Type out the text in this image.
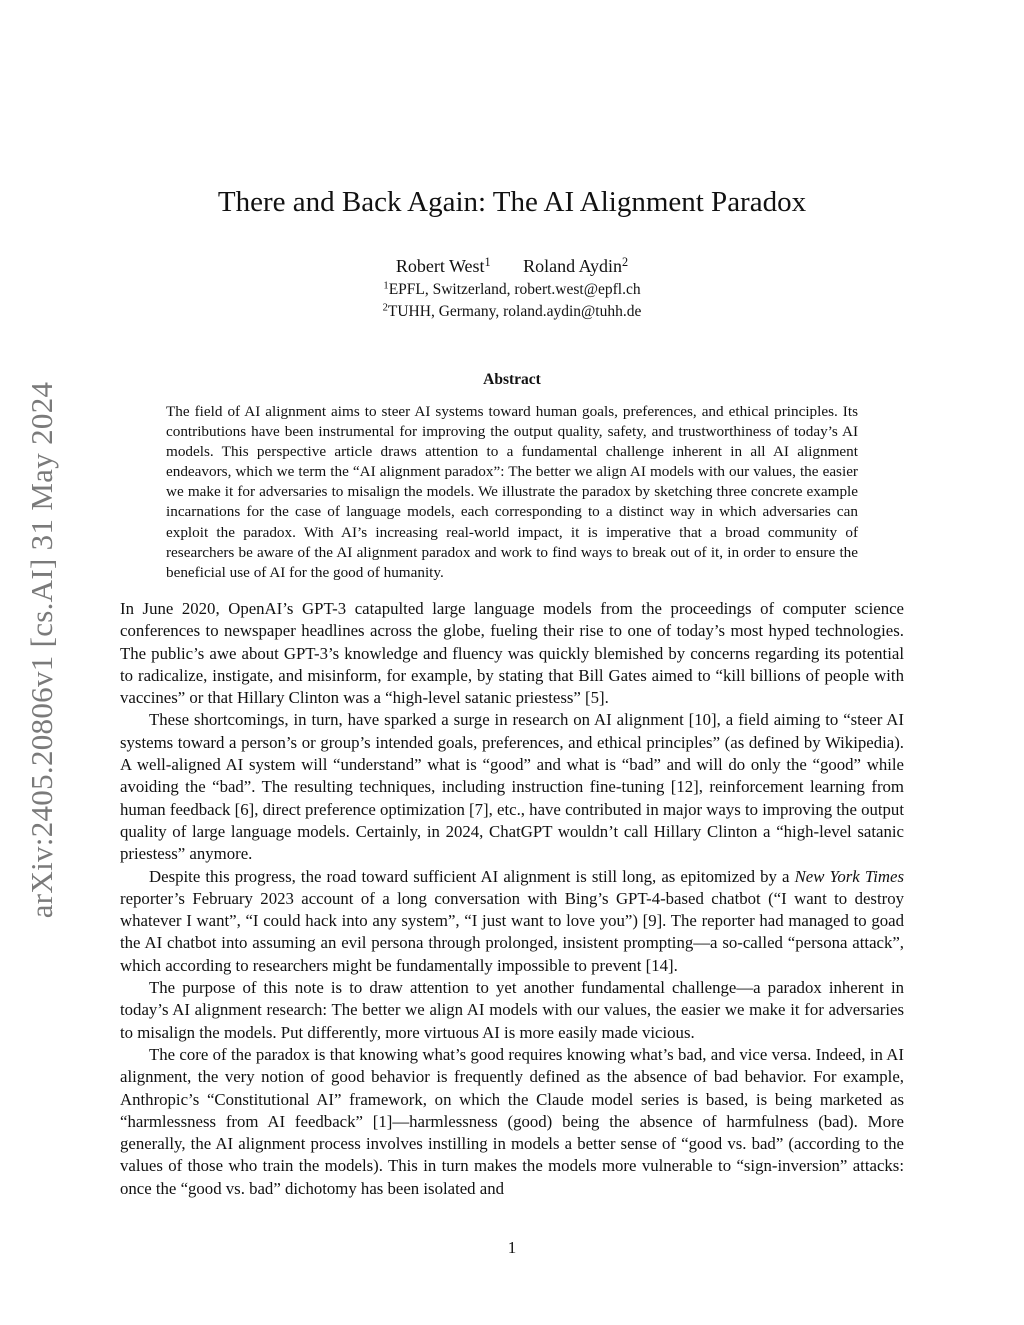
arXiv:2405.20806v1 [cs.AI] 31 May 2024
There and Back Again: The AI Alignment Paradox
Robert West$^1$ Roland Aydin$^2$
$^1$EPFL, Switzerland, robert.west@epfl.ch
$^2$TUHH, Germany, roland.aydin@tuhh.de
Abstract

The field of AI alignment aims to steer AI systems toward human goals, preferences, and ethical principles. Its contributions have been instrumental for improving the output quality, safety, and trustworthiness of today’s AI models. This perspective article draws attention to a fundamental challenge inherent in all AI alignment endeavors, which we term the “AI alignment paradox”: The better we align AI models with our values, the easier we make it for adversaries to misalign the models. We illustrate the paradox by sketching three concrete example incarnations for the case of language models, each corresponding to a distinct way in which adversaries can exploit the paradox. With AI’s increasing real-world impact, it is imperative that a broad community of researchers be aware of the AI alignment paradox and work to find ways to break out of it, in order to ensure the beneficial use of AI for the good of humanity.

In June 2020, OpenAI’s GPT-3 catapulted large language models from the proceedings of computer science conferences to newspaper headlines across the globe, fueling their rise to one of today’s most hyped technologies. The public’s awe about GPT-3’s knowledge and fluency was quickly blemished by concerns regarding its potential to radicalize, instigate, and misinform, for example, by stating that Bill Gates aimed to “kill billions of people with vaccines” or that Hillary Clinton was a “high-level satanic priestess” [5].

These shortcomings, in turn, have sparked a surge in research on AI alignment [10], a field aiming to “steer AI systems toward a person’s or group’s intended goals, preferences, and ethical principles” (as defined by Wikipedia). A well-aligned AI system will “understand” what is “good” and what is “bad” and will do only the “good” while avoiding the “bad”. The resulting techniques, including instruction fine-tuning [12], reinforcement learning from human feedback [6], direct preference optimization [7], etc., have contributed in major ways to improving the output quality of large language models. Certainly, in 2024, ChatGPT wouldn’t call Hillary Clinton a “high-level satanic priestess” anymore.

Despite this progress, the road toward sufficient AI alignment is still long, as epitomized by a New York Times reporter’s February 2023 account of a long conversation with Bing’s GPT-4-based chatbot (“I want to destroy whatever I want”, “I could hack into any system”, “I just want to love you”) [9]. The reporter had managed to goad the AI chatbot into assuming an evil persona through prolonged, insistent prompting—a so-called “persona attack”, which according to researchers might be fundamentally impossible to prevent [14].

The purpose of this note is to draw attention to yet another fundamental challenge—a paradox inherent in today’s AI alignment research: The better we align AI models with our values, the easier we make it for adversaries to misalign the models. Put differently, more virtuous AI is more easily made vicious.

The core of the paradox is that knowing what’s good requires knowing what’s bad, and vice versa. Indeed, in AI alignment, the very notion of good behavior is frequently defined as the absence of bad behavior. For example, Anthropic’s “Constitutional AI” framework, on which the Claude model series is based, is being marketed as “harmlessness from AI feedback” [1]—harmlessness (good) being the absence of harmfulness (bad). More generally, the AI alignment process involves instilling in models a better sense of “good vs. bad” (according to the values of those who train the models). This in turn makes the models more vulnerable to “sign-inversion” attacks: once the “good vs. bad” dichotomy has been isolated and

1
